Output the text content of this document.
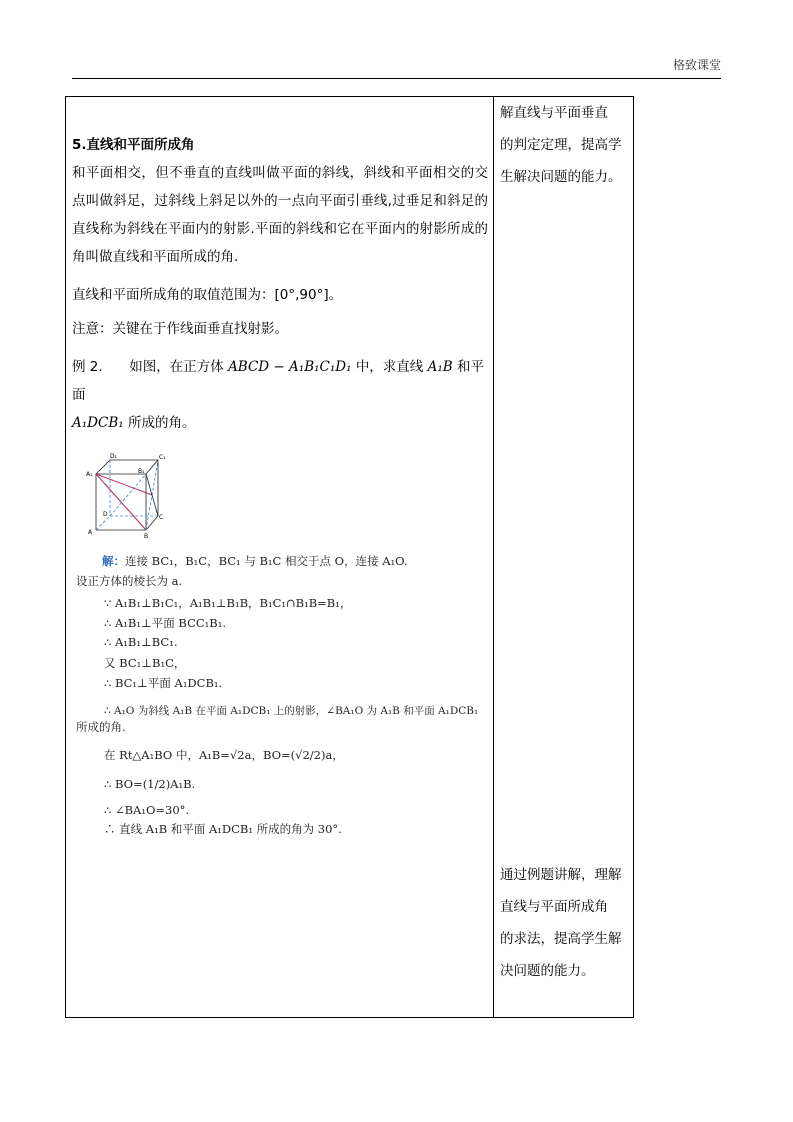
格致课堂
5.直线和平面所成角
和平面相交，但不垂直的直线叫做平面的斜线，斜线和平面相交的交点叫做斜足，过斜线上斜足以外的一点向平面引垂线,过垂足和斜足的直线称为斜线在平面内的射影.平面的斜线和它在平面内的射影所成的角叫做直线和平面所成的角.
直线和平面所成角的取值范围为：[0°,90°]。
注意：关键在于作线面垂直找射影。
例 2. 如图，在正方体 ABCD − A₁B₁C₁D₁ 中，求直线 A₁B 和平面
A₁DCB₁ 所成的角。
D₁	C₁
A₁	B₁
D	C
A
B
解：连接 BC₁，B₁C，BC₁ 与 B₁C 相交于点 O，连接 A₁O.
设正方体的棱长为 a.
∵ A₁B₁⊥B₁C₁，A₁B₁⊥B₁B，B₁C₁∩B₁B=B₁，
∴ A₁B₁⊥平面 BCC₁B₁.
∴ A₁B₁⊥BC₁.
又 BC₁⊥B₁C，
∴ BC₁⊥平面 A₁DCB₁.
∴ A₁O 为斜线 A₁B 在平面 A₁DCB₁ 上的射影，∠BA₁O 为 A₁B 和平面 A₁DCB₁
所成的角.
在 Rt△A₁BO 中，A₁B=√2a，BO=(√2/2)a，
∴ BO=(1/2)A₁B.
∴ ∠BA₁O=30°.
∴ 直线 A₁B 和平面 A₁DCB₁ 所成的角为 30°.
解直线与平面垂直
的判定定理，提高学
生解决问题的能力。
通过例题讲解，理解
直线与平面所成角
的求法，提高学生解
决问题的能力。
